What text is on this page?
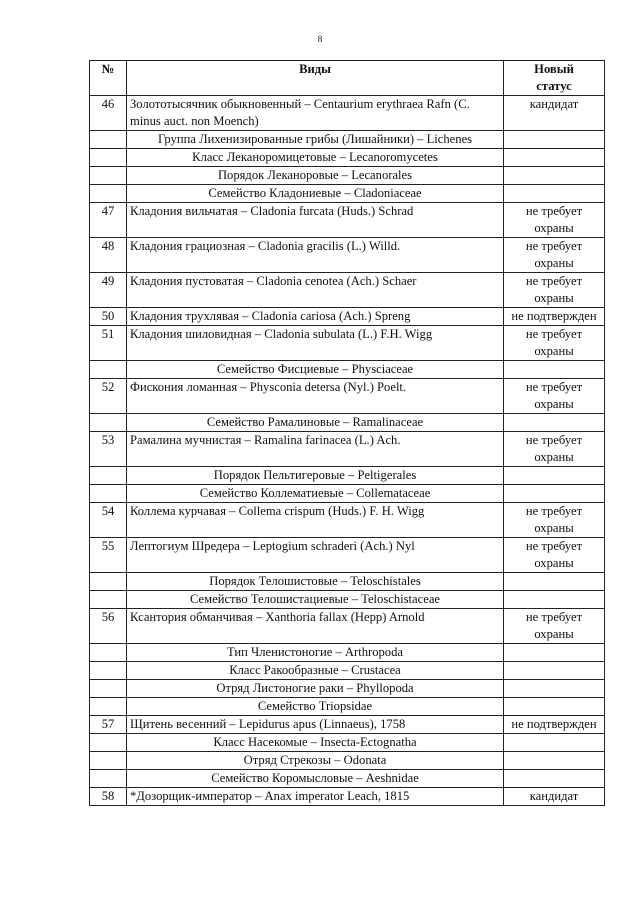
8
№	Виды	Новый
статус
46	Золототысячник обыкновенный – Centaurium erythraea Rafn (C. minus auct. non Moench)	кандидат
	Группа Лихенизированные грибы (Лишайники) – Lichenes	
	Класс Леканоромицетовые – Lecanoromycetes	
	Порядок Леканоровые – Lecanorales	
	Семейство Кладониевые – Cladoniaceae	
47	Кладония вильчатая – Cladonia furcata (Huds.) Schrad	не требует охраны
48	Кладония грациозная – Cladonia gracilis (L.) Willd.	не требует охраны
49	Кладония пустоватая – Cladonia cenotea (Ach.) Schaer	не требует охраны
50	Кладония трухлявая – Cladonia cariosa (Ach.) Spreng	не подтвержден
51	Кладония шиловидная – Cladonia subulata (L.) F.H. Wigg	не требует охраны
	Семейство Фисциевые – Physciaceae	
52	Фискония ломанная – Physconia detersa (Nyl.) Poelt.	не требует охраны
	Семейство Рамалиновые – Ramalinaceae	
53	Рамалина мучнистая – Ramalina farinacea (L.) Ach.	не требует охраны
	Порядок Пельтигеровые – Peltigerales	
	Семейство Коллематиевые – Collemataceae	
54	Коллема курчавая – Collema crispum (Huds.) F. H. Wigg	не требует охраны
55	Лептогиум Шредера – Leptogium schraderi (Ach.) Nyl	не требует охраны
	Порядок Телошистовые – Teloschistales	
	Семейство Телошистациевые – Teloschistaceae	
56	Ксантория обманчивая – Xanthoria fallax (Hepp) Arnold	не требует охраны
	Тип Членистоногие – Arthropoda	
	Класс Ракообразные – Crustacea	
	Отряд Листоногие раки – Phyllopoda	
	Семейство Triopsidae	
57	Щитень весенний – Lepidurus apus (Linnaeus), 1758	не подтвержден
	Класс Насекомые – Insecta-Ectognatha	
	Отряд Стрекозы – Odonata	
	Семейство Коромысловые – Aeshnidae	
58	*Дозорщик-император – Anax imperator Leach, 1815	кандидат
